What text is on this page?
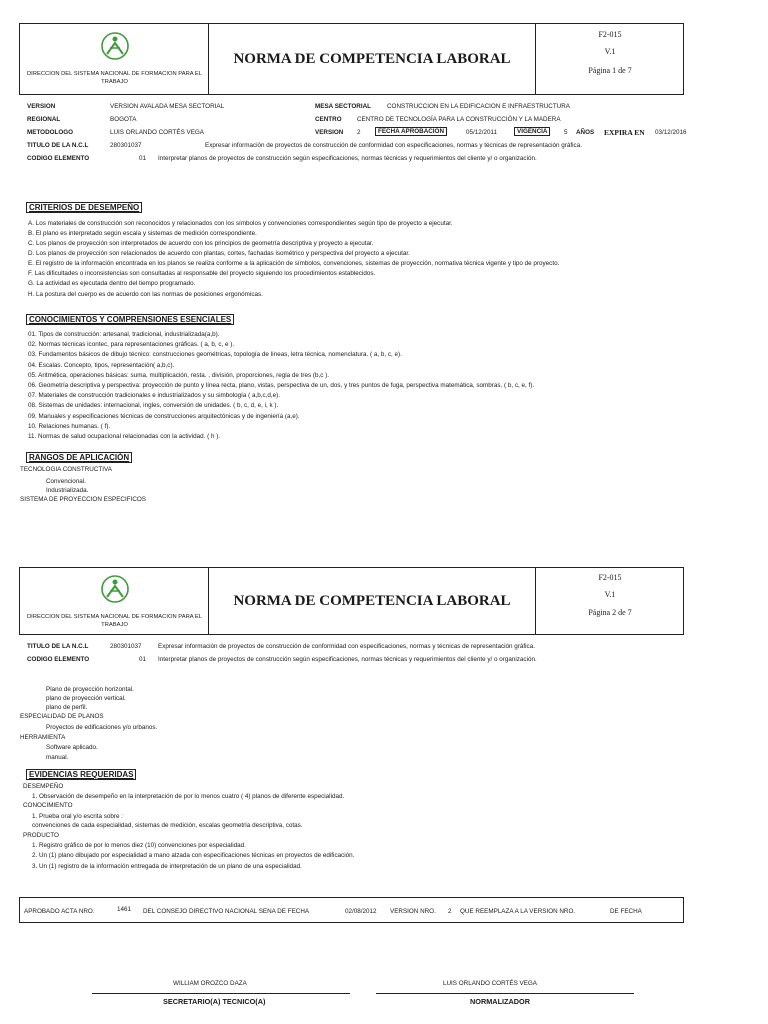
DIRECCION DEL SISTEMA NACIONAL DE FORMACION PARA EL TRABAJO
NORMA DE COMPETENCIA LABORAL
F2-015
V.1
Página 1 de 7
VERSION	VERSION AVALADA MESA SECTORIAL	MESA SECTORIAL	CONSTRUCCION EN LA EDIFICACION E INFRAESTRUCTURA
REGIONAL	BOGOTA	CENTRO CENTRO DE TECNOLOGÍA PARA LA CONSTRUCCIÓN Y LA MADERA
METODOLOGO	LUIS ORLANDO CORTÉS VEGA	VERSION 2	FECHA APROBACION	05/12/2011	VIGENCIA	5 AÑOS EXPIRA EN 03/12/2016
TITULO DE LA N.C.L	280301037	Expresar información de proyectos de construcción de conformidad con especificaciones, normas y técnicas de representación gráfica.
CODIGO ELEMENTO	01 Interpretar planos de proyectos de construcción según especificaciones, normas técnicas y requerimientos del cliente y/ o organización.
CRITERIOS DE DESEMPEÑO
A. Los materiales de construcción son reconocidos y relacionados con los símbolos y convenciones correspondientes según tipo de proyecto a ejecutar.
B. El plano es interpretado según escala y sistemas de medición correspondiente.
C. Los planos de proyección son interpretados de acuerdo con los principios de geometría descriptiva y proyecto a ejecutar.
D. Los planos de proyección son relacionados de acuerdo con plantas, cortes, fachadas isométrico y perspectiva del proyecto a ejecutar.
E. El registro de la información encontrada en los planos se realiza conforme a la aplicación de símbolos, convenciones, sistemas de proyección, normativa técnica vigente y tipo de proyecto.
F. Las dificultades o inconsistencias son consultadas al responsable del proyecto siguiendo los procedimientos establecidos.
G. La actividad es ejecutada dentro del tiempo programado.
H. La postura del cuerpo es de acuerdo con las normas de posiciones ergonómicas.
CONOCIMIENTOS Y COMPRENSIONES ESENCIALES
01. Tipos de construcción: artesanal, tradicional, industrializada(a,b).
02. Normas técnicas icontec, para representaciones gráficas. ( a, b, c, e ).
03. Fundamentos básicos de dibujo técnico: construcciones geométricas, topología de líneas, letra técnica, nomenclatura. ( a, b, c, e).
04. Escalas. Concepto, tipos, representación( a,b,c).
05. Aritmética, operaciones básicas: suma, multiplicación, resta. , división, proporciones, regla de tres (b,c ).
06. Geometría descriptiva y perspectiva: proyección de punto y línea recta, plano, vistas, perspectiva de un, dos, y tres puntos de fuga, perspectiva matemática, sombras. ( b, c, e, f).
07. Materiales de construcción tradicionales e industrializados y su simbología ( a,b,c,d,e).
08. Sistemas de unidades: internacional, ingles, conversión de unidades. ( b, c, d, e, i, k ).
09. Manuales y especificaciones técnicas de construcciones arquitectónicas y de ingeniería (a,e).
10. Relaciones humanas. ( f).
11. Normas de salud ocupacional relacionadas con la actividad. ( h ).
RANGOS DE APLICACIÓN
TECNOLOGIA CONSTRUCTIVA
Convencional.
Industrializada.
SISTEMA DE PROYECCION ESPECIFICOS
DIRECCION DEL SISTEMA NACIONAL DE FORMACION PARA EL TRABAJO
NORMA DE COMPETENCIA LABORAL
F2-015
V.1
Página 2 de 7
TITULO DE LA N.C.L	280301037	Expresar información de proyectos de construcción de conformidad con especificaciones, normas y técnicas de representación gráfica.
CODIGO ELEMENTO	01 Interpretar planos de proyectos de construcción según especificaciones, normas técnicas y requerimientos del cliente y/ o organización.
Plano de proyección horizontal.
plano de proyección vertical.
plano de perfil.
ESPECIALIDAD DE PLANOS
Proyectos de edificaciones y/o urbanos.
HERRAMIENTA
Software aplicado.
manual.
EVIDENCIAS REQUERIDAS
DESEMPEÑO
1. Observación de desempeño en la interpretación de por lo menos cuatro ( 4) planos de diferente especialidad.
CONOCIMIENTO
1. Prueba oral y/o escrita sobre :
convenciones de cada especialidad, sistemas de medición, escalas geometría descriptiva, cotas.
PRODUCTO
1. Registro gráfico de por lo menos diez (10) convenciones por especialidad.
2. Un (1) plano dibujado por especialidad a mano alzada con especificaciones técnicas en proyectos de edificación.
3. Un (1) registro de la información entregada de interpretación de un plano de una especialidad.
APROBADO ACTA NRO.	1461 DEL CONSEJO DIRECTIVO NACIONAL SENA DE FECHA	02/08/2012 VERSION NRO. 2 QUE REEMPLAZA A LA VERSION NRO.	DE FECHA
WILLIAM OROZCO DAZA
SECRETARIO(A) TECNICO(A)
LUIS ORLANDO CORTÉS VEGA
NORMALIZADOR
